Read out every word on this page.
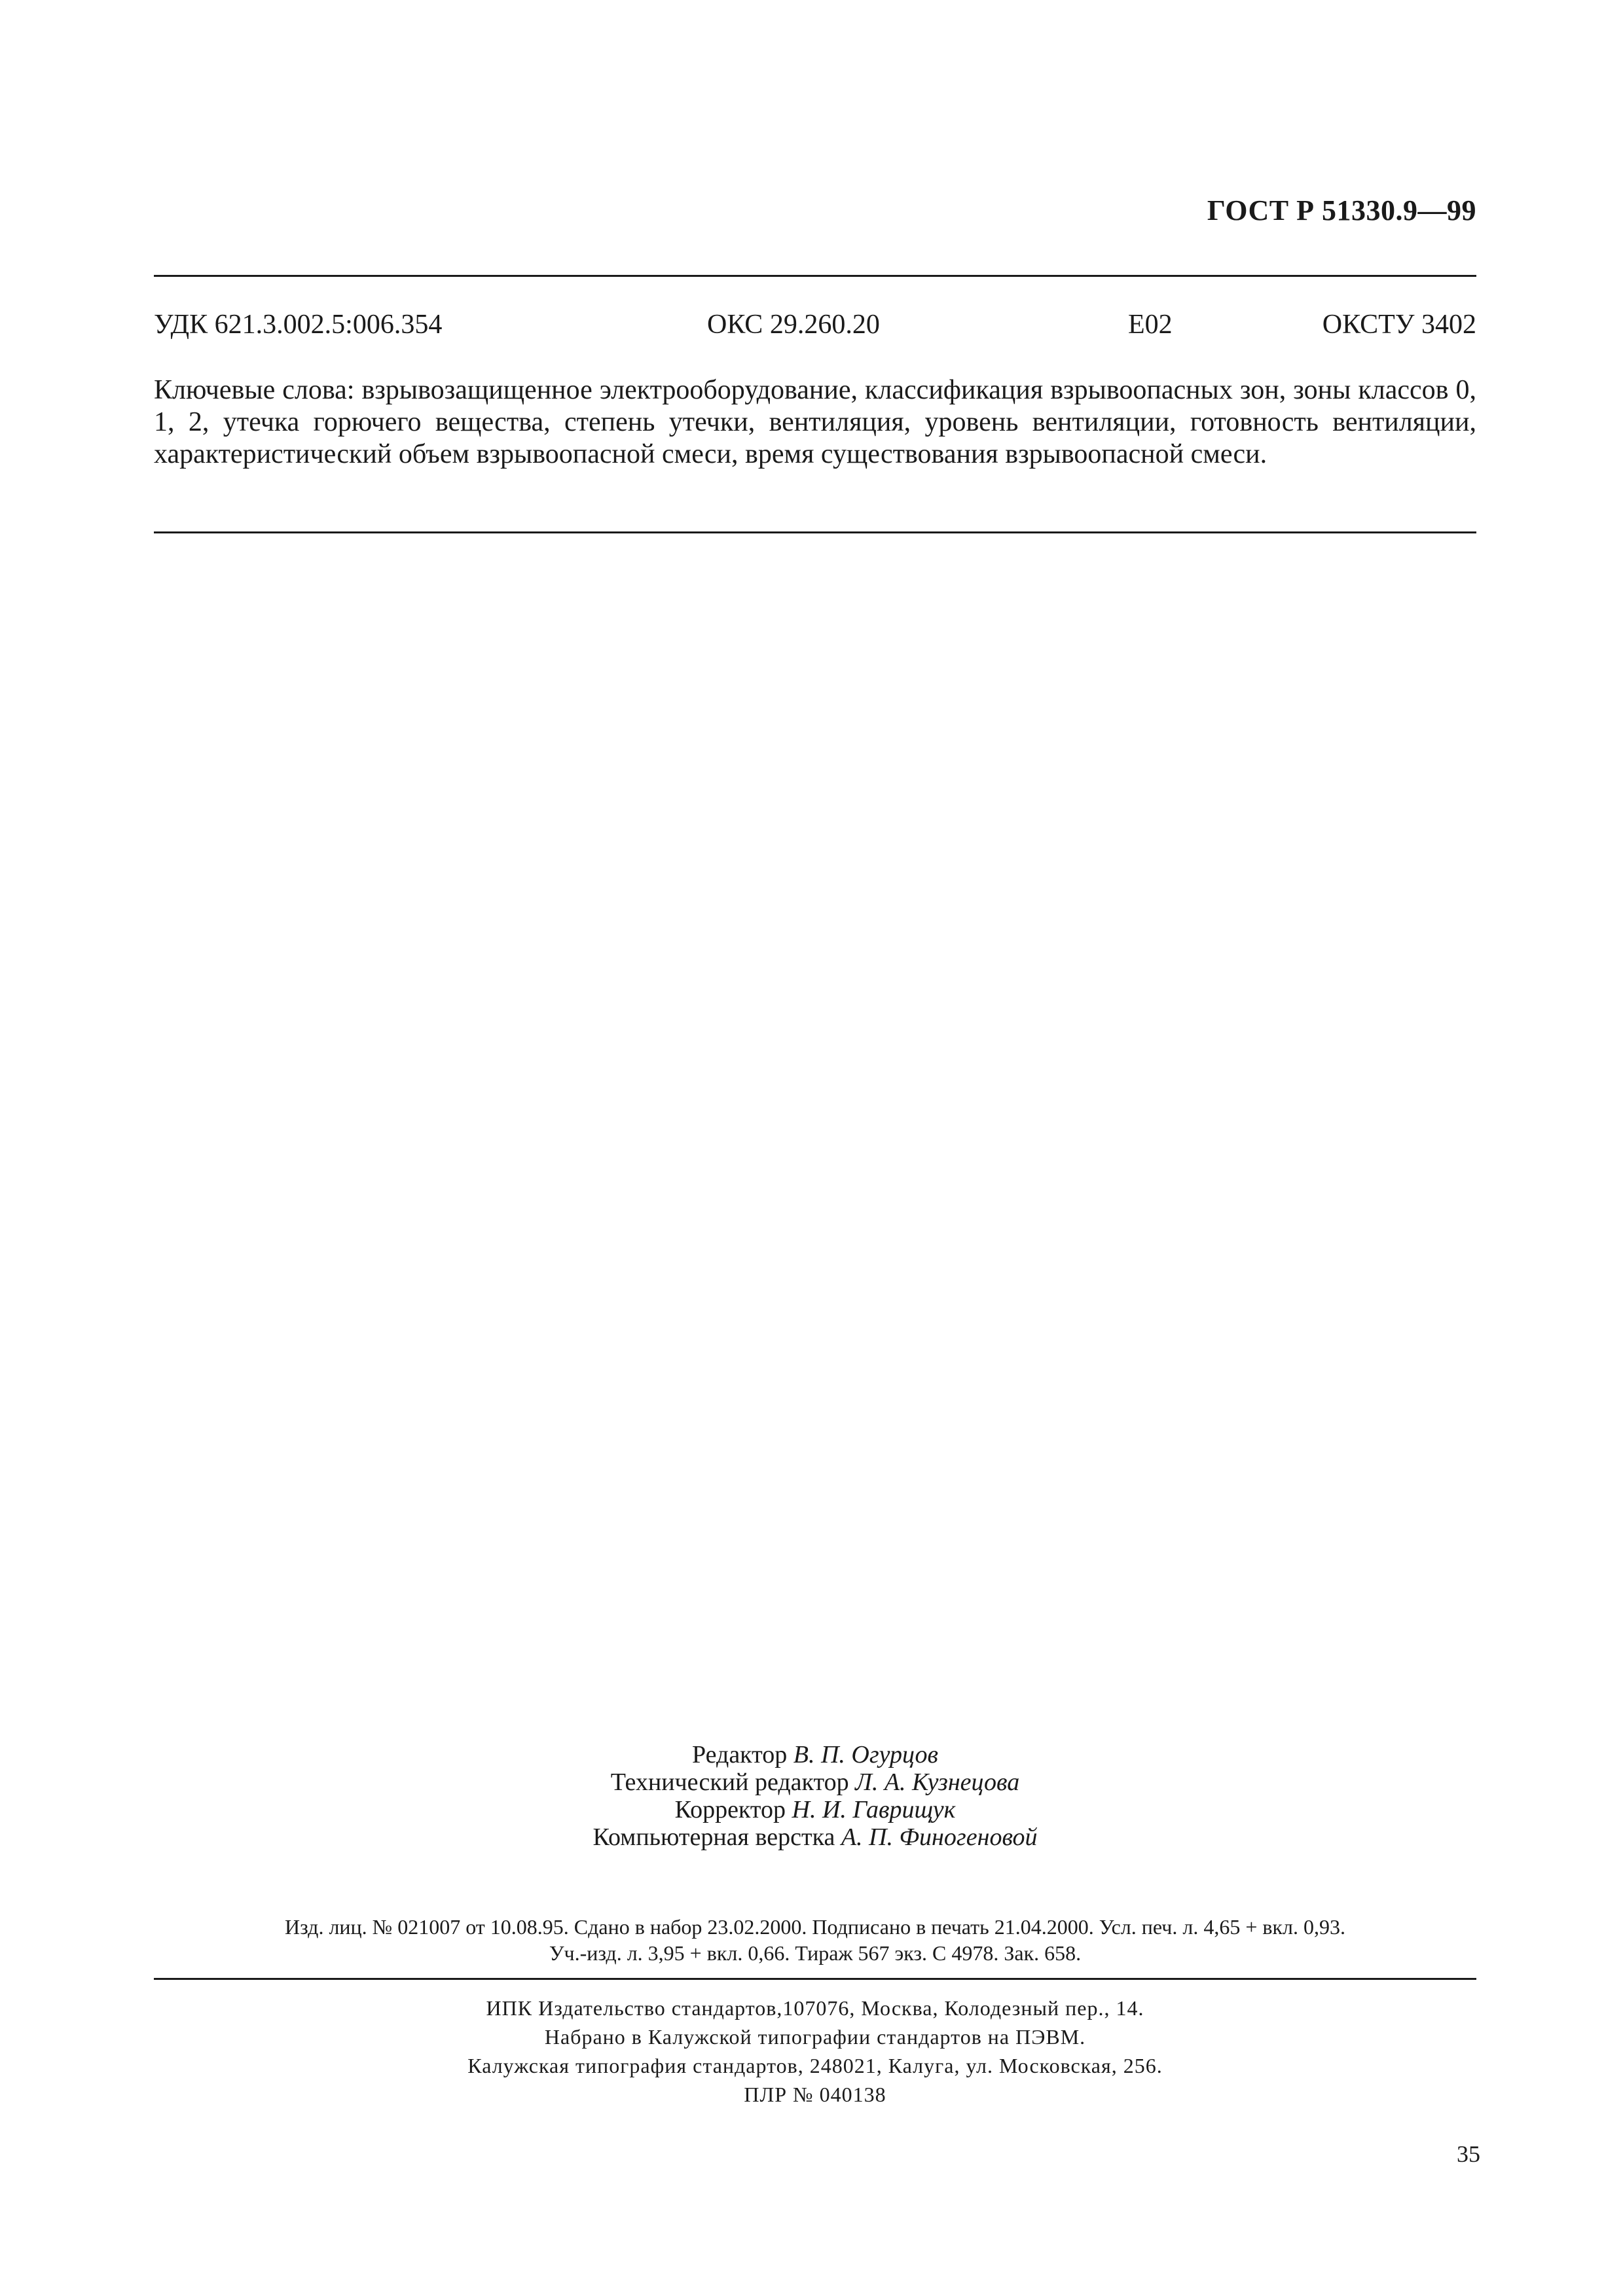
ГОСТ Р 51330.9—99
УДК 621.3.002.5:006.354	ОКС 29.260.20	Е02	ОКСТУ 3402
Ключевые слова: взрывозащищенное электрооборудование, классификация взрывоопасных зон, зоны классов 0, 1, 2, утечка горючего вещества, степень утечки, вентиляция, уровень вентиляции, готовность вентиляции, характеристический объем взрывоопасной смеси, время существования взрывоопасной смеси.
Редактор В. П. Огурцов
Технический редактор Л. А. Кузнецова
Корректор Н. И. Гаврищук
Компьютерная верстка А. П. Финогеновой
Изд. лиц. № 021007 от 10.08.95. Сдано в набор 23.02.2000. Подписано в печать 21.04.2000. Усл. печ. л. 4,65 + вкл. 0,93.
Уч.-изд. л. 3,95 + вкл. 0,66. Тираж 567 экз. С 4978. Зак. 658.
ИПК Издательство стандартов,107076, Москва, Колодезный пер., 14.
Набрано в Калужской типографии стандартов на ПЭВМ.
Калужская типография стандартов, 248021, Калуга, ул. Московская, 256.
ПЛР № 040138
35
